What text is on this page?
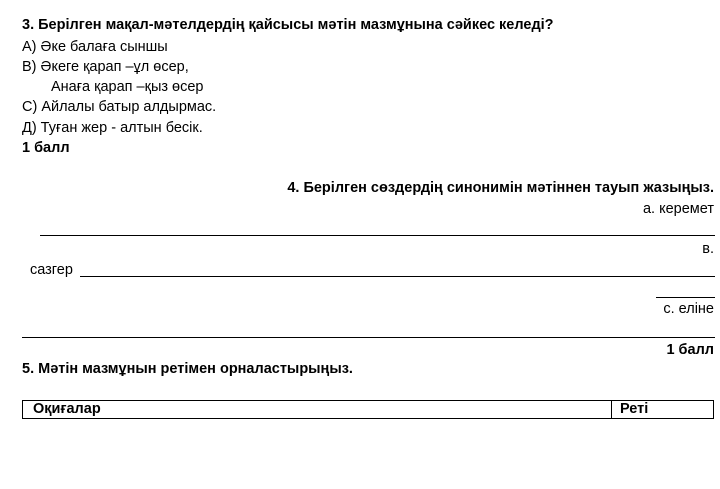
3. Берілген мақал-мәтелдердің қайсысы мәтін мазмұнына сәйкес келеді?
А) Әке балаға сыншы
В) Әкеге қарап –ұл өсер,
Анаға қарап –қыз өсер
С) Айлалы батыр алдырмас.
Д) Туған жер - алтын бесік.
1 балл
4. Берілген сөздердің синонимін мәтіннен тауып жазыңыз.
а. керемет
в.
сазгер
с. еліне
1 балл
5. Мәтін мазмұнын ретімен орналастырыңыз.
Оқиғалар	Реті
